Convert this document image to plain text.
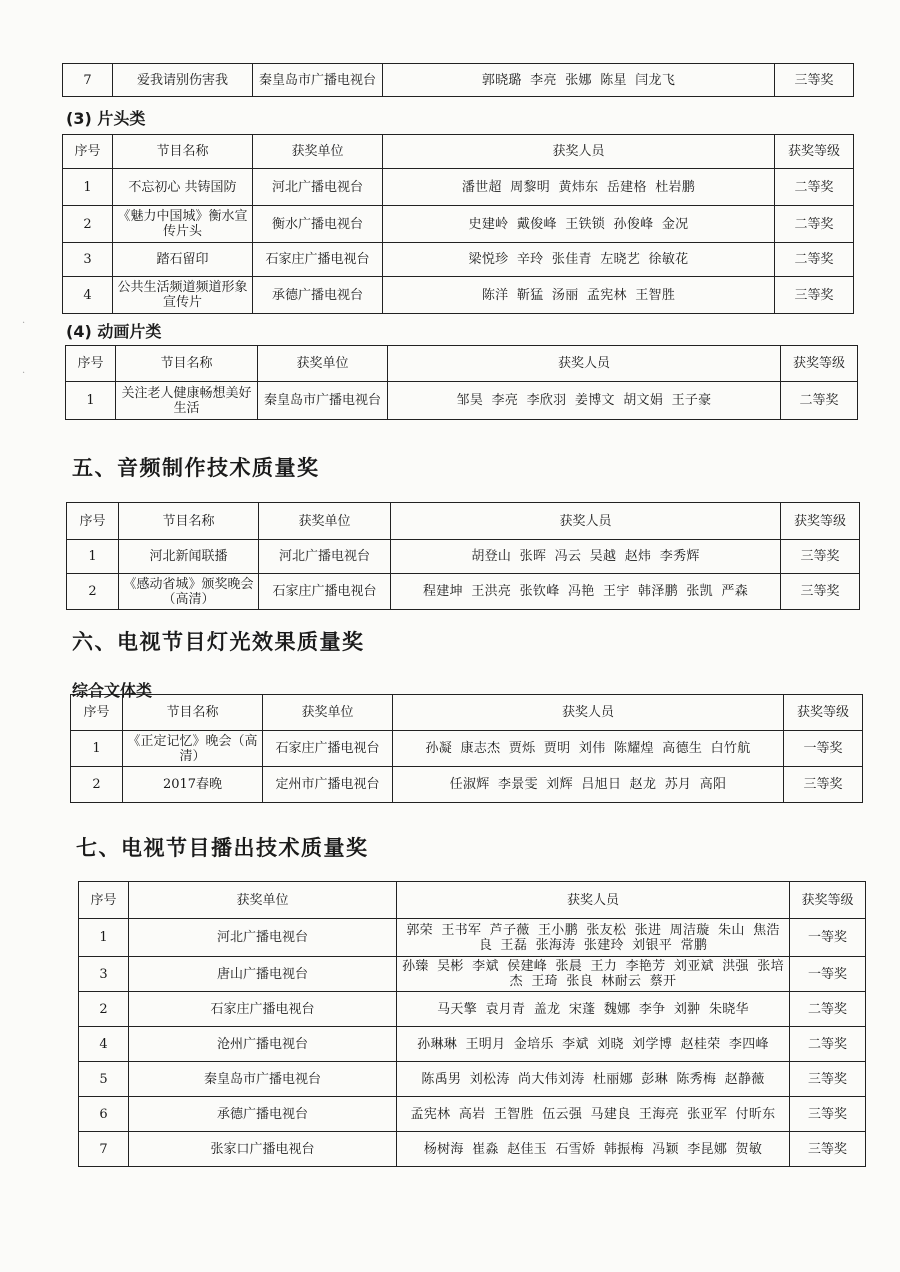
·
·
7	爱我请别伤害我	秦皇岛市广播电视台	郭晓璐 李亮 张娜 陈星 闫龙飞	三等奖
(3) 片头类
序号	节目名称	获奖单位	获奖人员	获奖等级
1	不忘初心 共铸国防	河北广播电视台	潘世超 周黎明 黄炜东 岳建格 杜岩鹏	二等奖
2	《魅力中国城》衡水宣传片头	衡水广播电视台	史建岭 戴俊峰 王铁锁 孙俊峰 金况	二等奖
3	踏石留印	石家庄广播电视台	梁悦珍 辛玲 张佳青 左晓艺 徐敏花	二等奖
4	公共生活频道频道形象宣传片	承德广播电视台	陈洋 靳猛 汤丽 孟宪林 王智胜	三等奖
(4) 动画片类
序号	节目名称	获奖单位	获奖人员	获奖等级
1	关注老人健康畅想美好生活	秦皇岛市广播电视台	邹昊 李亮 李欣羽 姜博文 胡文娟 王子豪	二等奖
五、音频制作技术质量奖
序号	节目名称	获奖单位	获奖人员	获奖等级
1	河北新闻联播	河北广播电视台	胡登山 张晖 冯云 吴越 赵炜 李秀辉	三等奖
2	《感动省城》颁奖晚会（高清）	石家庄广播电视台	程建坤 王洪亮 张钦峰 冯艳 王宇 韩泽鹏 张凯 严森	三等奖
六、电视节目灯光效果质量奖
综合文体类
序号	节目名称	获奖单位	获奖人员	获奖等级
1	《正定记忆》晚会（高清）	石家庄广播电视台	孙凝 康志杰 贾烁 贾明 刘伟 陈耀煌 高德生 白竹航	一等奖
2	2017春晚	定州市广播电视台	任淑辉 李景雯 刘辉 吕旭日 赵龙 苏月 高阳	三等奖
七、电视节目播出技术质量奖
序号	获奖单位	获奖人员	获奖等级
1	河北广播电视台	郭荣 王书军 芦子薇 王小鹏 张友松 张进 周洁璇 朱山 焦浩良 王磊 张海涛 张建玲 刘银平 常鹏	一等奖
3	唐山广播电视台	孙臻 吴彬 李斌 侯建峰 张晨 王力 李艳芳 刘亚斌 洪强 张培杰 王琦 张良 林耐云 蔡开	一等奖
2	石家庄广播电视台	马天擎 袁月青 盖龙 宋蓬 魏娜 李争 刘翀 朱晓华	二等奖
4	沧州广播电视台	孙琳琳 王明月 金培乐 李斌 刘晓 刘学博 赵桂荣 李四峰	二等奖
5	秦皇岛市广播电视台	陈禹男 刘松涛 尚大伟刘涛 杜丽娜 彭琳 陈秀梅 赵静薇	三等奖
6	承德广播电视台	孟宪林 高岩 王智胜 伍云强 马建良 王海亮 张亚军 付昕东	三等奖
7	张家口广播电视台	杨树海 崔淼 赵佳玉 石雪娇 韩振梅 冯颖 李昆娜 贺敏	三等奖
